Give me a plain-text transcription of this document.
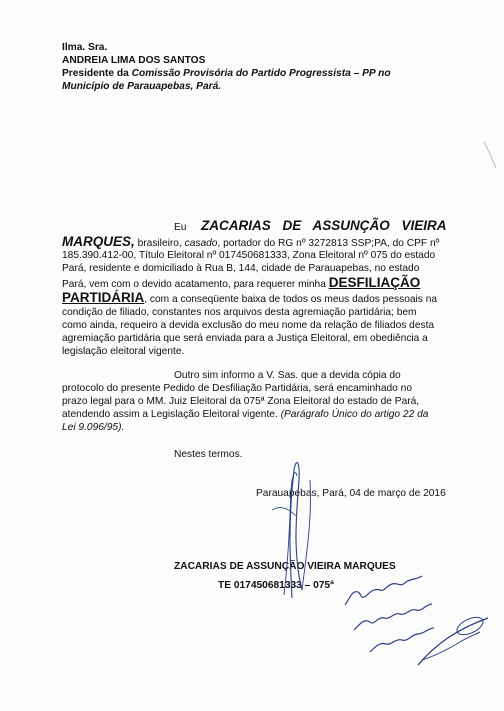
Ilma. Sra.
ANDREIA LIMA DOS SANTOS
Presidente da Comissão Provisória do Partido Progressista – PP no
Município de Parauapebas, Pará.
Eu ZACARIAS DE ASSUNÇÃO VIEIRA
MARQUES, brasileiro, casado, portador do RG nº 3272813 SSP;PA, do CPF nº
185.390.412-00, Título Eleitoral nº 017450681333, Zona Eleitoral nº 075 do estado
Pará, residente e domiciliado à Rua B, 144, cidade de Parauapebas, no estado
Pará, vem com o devido acatamento, para requerer minha DESFILIAÇÃO
PARTIDÁRIA, com a conseqüente baixa de todos os meus dados pessoais na
condição de filiado, constantes nos arquivos desta agremiação partidária; bem
como ainda, requeiro a devida exclusão do meu nome da relação de filiados desta
agremiação partidária que será enviada para a Justiça Eleitoral, em obediência a
legislação eleitoral vigente.
Outro sim informo a V. Sas. que a devida cópia do
protocolo do presente Pedido de Desfiliação Partidária, será encaminhado no
prazo legal para o MM. Juiz Eleitoral da 075ª Zona Eleitoral do estado de Pará,
atendendo assim a Legislação Eleitoral vigente. (Parágrafo Único do artigo 22 da
Lei 9.096/95).
Nestes termos.
Parauapebas, Pará, 04 de março de 2016
ZACARIAS DE ASSUNÇÃO VIEIRA MARQUES
TE 017450681333 – 075ª
